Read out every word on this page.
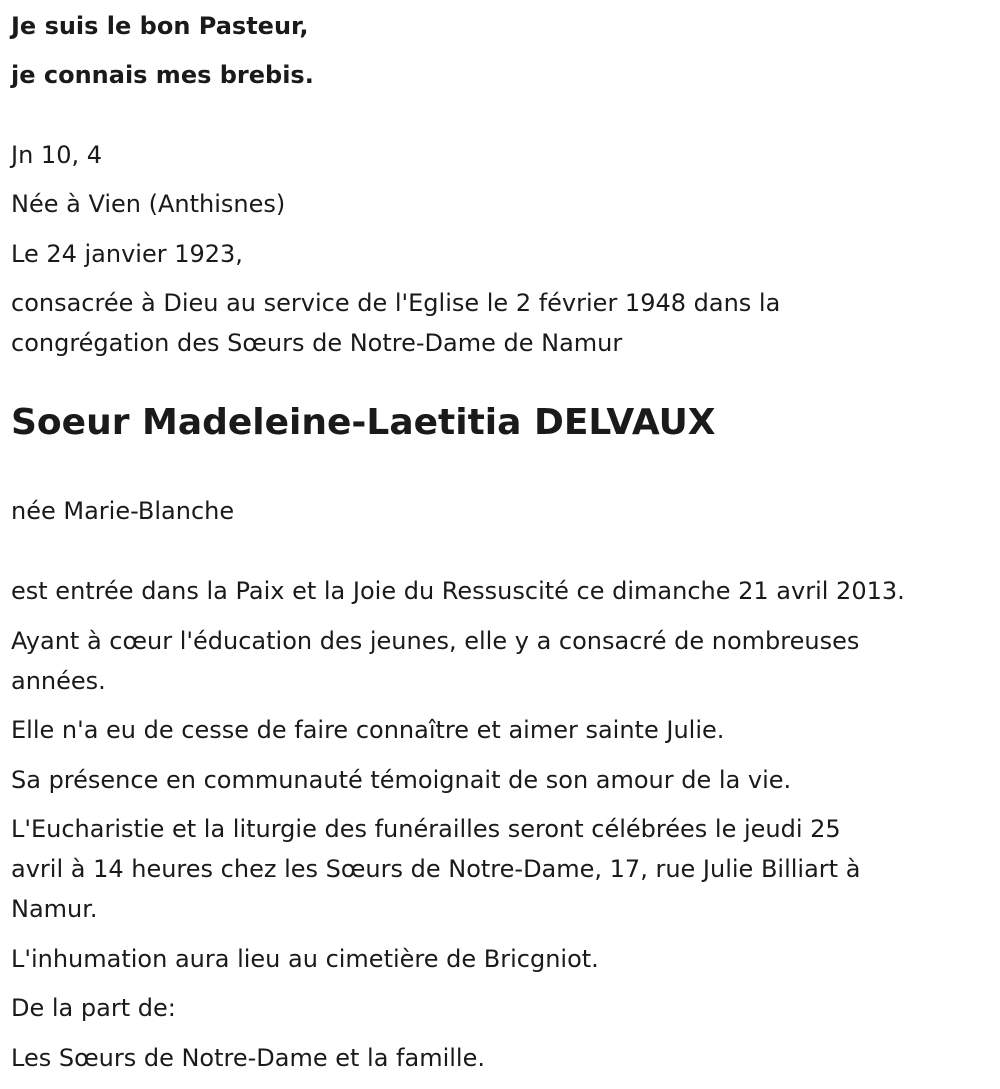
Je suis le bon Pasteur,

je connais mes brebis.

Jn 10, 4

Née à Vien (Anthisnes)

Le 24 janvier 1923,

consacrée à Dieu au service de l'Eglise le 2 février 1948 dans la

congrégation des Sœurs de Notre-Dame de Namur

Soeur Madeleine-Laetitia DELVAUX

née Marie-Blanche

est entrée dans la Paix et la Joie du Ressuscité ce dimanche 21 avril 2013.

Ayant à cœur l'éducation des jeunes, elle y a consacré de nombreuses

années.

Elle n'a eu de cesse de faire connaître et aimer sainte Julie.

Sa présence en communauté témoignait de son amour de la vie.

L'Eucharistie et la liturgie des funérailles seront célébrées le jeudi 25

avril à 14 heures chez les Sœurs de Notre-Dame, 17, rue Julie Billiart à

Namur.

L'inhumation aura lieu au cimetière de Bricgniot.

De la part de:

Les Sœurs de Notre-Dame et la famille.
